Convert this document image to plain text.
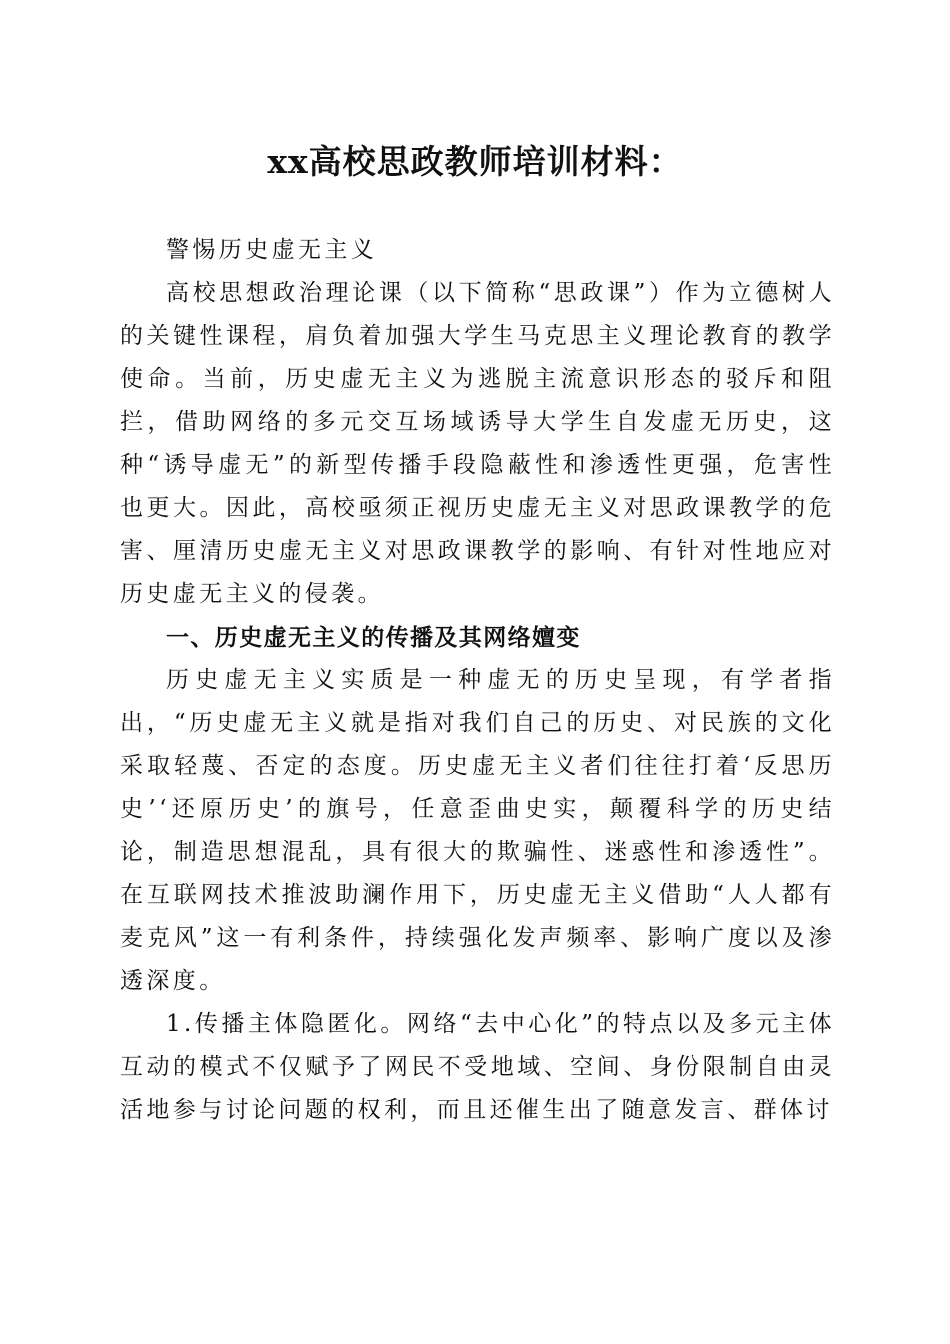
xx高校思政教师培训材料：

警惕历史虚无主义

高校思想政治理论课（以下简称“思政课”）作为立德树人的关键性课程，肩负着加强大学生马克思主义理论教育的教学使命。当前，历史虚无主义为逃脱主流意识形态的驳斥和阻拦，借助网络的多元交互场域诱导大学生自发虚无历史，这种“诱导虚无”的新型传播手段隐蔽性和渗透性更强，危害性也更大。因此，高校亟须正视历史虚无主义对思政课教学的危害、厘清历史虚无主义对思政课教学的影响、有针对性地应对历史虚无主义的侵袭。

一、历史虚无主义的传播及其网络嬗变

历史虚无主义实质是一种虚无的历史呈现，有学者指出，“历史虚无主义就是指对我们自己的历史、对民族的文化采取轻蔑、否定的态度。历史虚无主义者们往往打着‘反思历史’‘还原历史’的旗号，任意歪曲史实，颠覆科学的历史结论，制造思想混乱，具有很大的欺骗性、迷惑性和渗透性”。在互联网技术推波助澜作用下，历史虚无主义借助“人人都有麦克风”这一有利条件，持续强化发声频率、影响广度以及渗透深度。

1.传播主体隐匿化。网络“去中心化”的特点以及多元主体互动的模式不仅赋予了网民不受地域、空间、身份限制自由灵活地参与讨论问题的权利，而且还催生出了随意发言、群体讨
